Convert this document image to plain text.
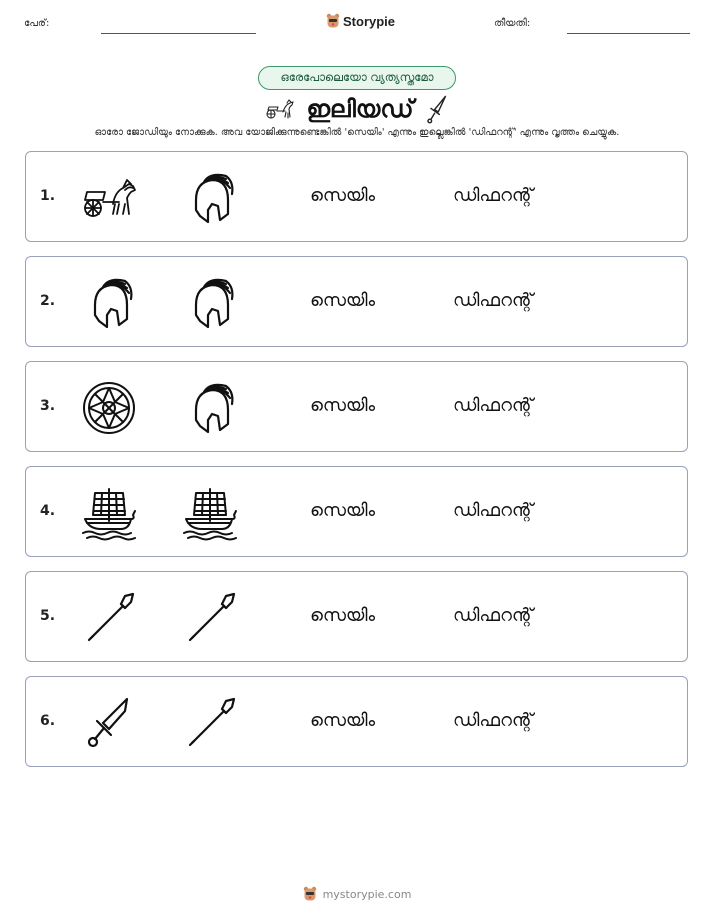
പേര്:	Storypie	തീയതി:
ഒരേപോലെയോ വ്യത്യസ്തമോ
ഇലിയഡ്
ഓരോ ജോഡിയും നോക്കുക. അവ യോജിക്കുന്നുണ്ടെങ്കിൽ 'സെയിം' എന്നും ഇല്ലെങ്കിൽ 'ഡിഫറന്റ്' എന്നും വൃത്തം ചെയ്യുക.
1.	സെയിം	ഡിഫറന്റ്
2.	സെയിം	ഡിഫറന്റ്
3.	സെയിം	ഡിഫറന്റ്
4.	സെയിം	ഡിഫറന്റ്
5.	സെയിം	ഡിഫറന്റ്
6.	സെയിം	ഡിഫറന്റ്
mystorypie.com
